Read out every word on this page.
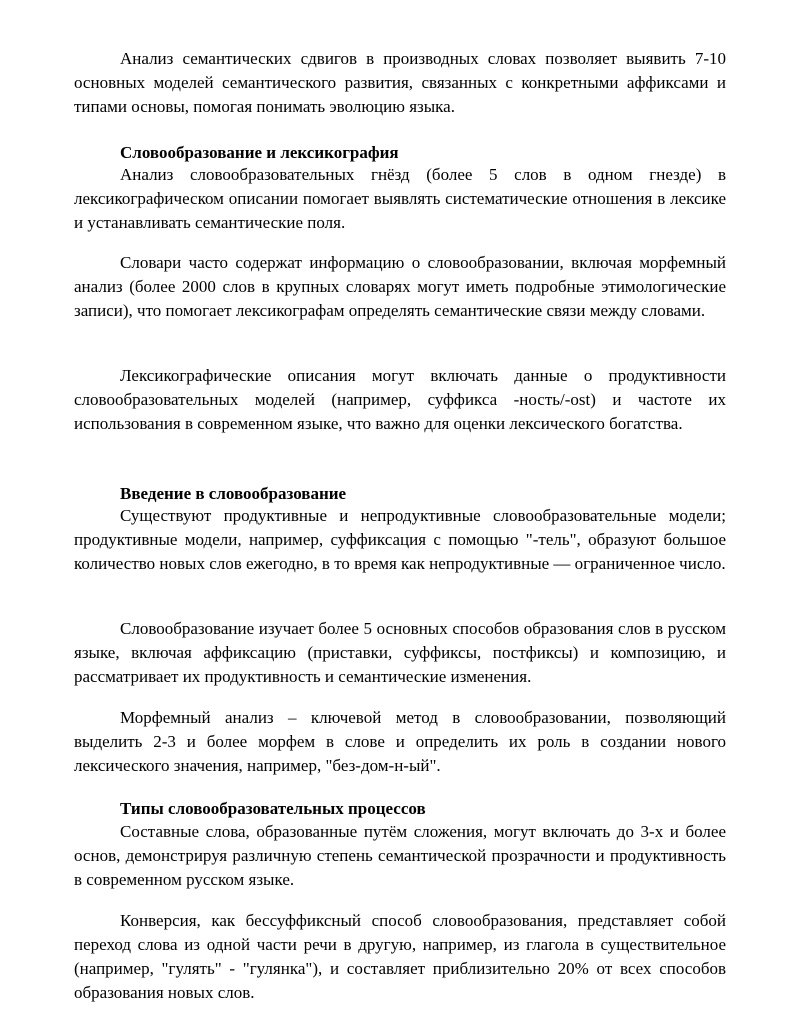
Анализ семантических сдвигов в производных словах позволяет выявить 7-10 основных моделей семантического развития, связанных с конкретными аффиксами и типами основы, помогая понимать эволюцию языка.

Словообразование и лексикография

Анализ словообразовательных гнёзд (более 5 слов в одном гнезде) в лексикографическом описании помогает выявлять систематические отношения в лексике и устанавливать семантические поля.

Словари часто содержат информацию о словообразовании, включая морфемный анализ (более 2000 слов в крупных словарях могут иметь подробные этимологические записи), что помогает лексикографам определять семантические связи между словами.

Лексикографические описания могут включать данные о продуктивности словообразовательных моделей (например, суффикса -ность/-ost) и частоте их использования в современном языке, что важно для оценки лексического богатства.

Введение в словообразование

Существуют продуктивные и непродуктивные словообразовательные модели; продуктивные модели, например, суффиксация с помощью "-тель", образуют большое количество новых слов ежегодно, в то время как непродуктивные — ограниченное число.

Словообразование изучает более 5 основных способов образования слов в русском языке, включая аффиксацию (приставки, суффиксы, постфиксы) и композицию, и рассматривает их продуктивность и семантические изменения.

Морфемный анализ – ключевой метод в словообразовании, позволяющий выделить 2-3 и более морфем в слове и определить их роль в создании нового лексического значения, например, "без-дом-н-ый".

Типы словообразовательных процессов

Составные слова, образованные путём сложения, могут включать до 3-х и более основ, демонстрируя различную степень семантической прозрачности и продуктивность в современном русском языке.

Конверсия, как бессуффиксный способ словообразования, представляет собой переход слова из одной части речи в другую, например, из глагола в существительное (например, "гулять" - "гулянка"), и составляет приблизительно 20% от всех способов образования новых слов.
